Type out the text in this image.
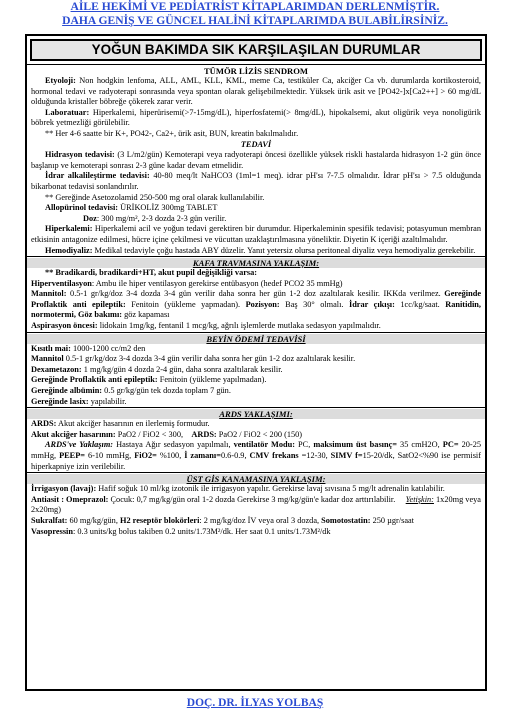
AİLE HEKİMİ VE PEDİATRİST KİTAPLARIMDAN DERLENMİŞTİR.
DAHA GENİŞ VE GÜNCEL HALİNİ KİTAPLARIMDA BULABİLİRSİNİZ.
YOĞUN BAKIMDA SIK KARŞILAŞILAN DURUMLAR
TÜMÖR LİZİS SENDROM

Etyoloji: Non hodgkin lenfoma, ALL, AML, KLL, KML, meme Ca, testiküler Ca, akciğer Ca vb. durumlarda kortikosteroid, hormonal tedavi ve radyoterapi sonrasında veya spontan olarak gelişebilmektedir. Yüksek ürik asit ve [PO42-]x[Ca2++] > 60 mg/dL olduğunda kristaller böbreğe çökerek zarar verir.

Laboratuar: Hiperkalemi, hiperürisemi(>7-15mg/dL), hiperfosfatemi(> 8mg/dL), hipokalsemi, akut oligürik veya nonoligürik böbrek yetmezliği görülebilir.

** Her 4-6 saatte bir K+, PO42-, Ca2+, ürik asit, BUN, kreatin bakılmalıdır.

TEDAVİ

Hidrasyon tedavisi: (3 L/m2/gün) Kemoterapi veya radyoterapi öncesi özellikle yüksek riskli hastalarda hidrasyon 1-2 gün önce başlanıp ve kemoterapi sonrası 2-3 güne kadar devam etmelidir.

İdrar alkalileştirme tedavisi: 40-80 meq/lt NaHCO3 (1ml=1 meq). idrar pH'sı 7-7.5 olmalıdır. İdrar pH'sı > 7.5 olduğunda bikarbonat tedavisi sonlandırılır.

** Gereğinde Asetozolamid 250-500 mg oral olarak kullanılabilir.

Allopürinol tedavisi: ÜRİKOLİZ 300mg TABLET

Doz: 300 mg/m², 2-3 dozda 2-3 gün verilir.

Hiperkalemi: Hiperkalemi acil ve yoğun tedavi gerektiren bir durumdur. Hiperkaleminin spesifik tedavisi; potasyumun membran etkisinin antagonize edilmesi, hücre içine çekilmesi ve vücuttan uzaklaştırılmasına yöneliktir. Diyetin K içeriği azaltılmalıdır.

Hemodiyaliz: Medikal tedaviyle çoğu hastada ABY düzelir. Yanıt yetersiz olursa peritoneal diyaliz veya hemodiyaliz gerekebilir.

KAFA TRAVMASINA YAKLAŞIM:

** Bradikardi, bradikardi+HT, akut pupil değişikliği varsa:

Hiperventilasyon: Ambu ile hiper ventilasyon gerekirse entübasyon (hedef PCO2 35 mmHg)

Mannitol: 0.5-1 gr/kg/doz 3-4 dozda 3-4 gün verilir daha sonra her gün 1-2 doz azaltılarak kesilir. IKKda verilmez. Gereğinde Proflaktik anti epileptik: Fenitoin (yükleme yapmadan). Pozisyon: Baş 30° olmalı. İdrar çıkışı: 1cc/kg/saat. Ranitidin, normotermi, Göz bakımı: göz kapaması

Aspirasyon öncesi: lidokain 1mg/kg, fentanil 1 mcg/kg, ağrılı işlemlerde mutlaka sedasyon yapılmalıdır.

BEYİN ÖDEMİ TEDAVİSİ

Kısıtlı mai: 1000-1200 cc/m2 den

Mannitol 0.5-1 gr/kg/doz 3-4 dozda 3-4 gün verilir daha sonra her gün 1-2 doz azaltılarak kesilir.

Dexametazon: 1 mg/kg/gün 4 dozda 2-4 gün, daha sonra azaltılarak kesilir.

Gereğinde Proflaktik anti epileptik: Fenitoin (yükleme yapılmadan).

Gereğinde albümin: 0.5 gr/kg/gün tek dozda toplam 7 gün.

Gereğinde lasix: yapılabilir.

ARDS YAKLAŞIMI:

ARDS: Akut akciğer hasarının en ilerlemiş formudur.

Akut akciğer hasarının: PaO2 / FiO2 < 300, ARDS: PaO2 / FiO2 < 200 (150)

ARDS've Yaklaşım: Hastaya Ağır sedasyon yapılmalı, ventilatör Modu: PC, maksimum üst basınç= 35 cmH2O, PC= 20-25 mmHg, PEEP= 6-10 mmHg, FiO2= %100, İ zamanı=0.6-0.9, CMV frekans =12-30, SIMV f=15-20/dk, SatO2<%90 ise permisif hiperkapniye izin verilebilir.

ÜST GİS KANAMASINA YAKLAŞIM:

İrrigasyon (lavaj): Hafif soğuk 10 ml/kg izotonik ile irrigasyon yapılır. Gerekirse lavaj sıvısına 5 mg/lt adrenalin katılabilir.

Antiasit : Omeprazol: Çocuk: 0,7 mg/kg/gün oral 1-2 dozda Gerekirse 3 mg/kg/gün'e kadar doz arttırılabilir.     Yetişkin: 1x20mg veya 2x20mg)

Sukralfat: 60 mg/kg/gün, H2 reseptör blokörleri: 2 mg/kg/doz İV veya oral 3 dozda, Somotostatin: 250 µgr/saat

Vasopressin: 0.3 units/kg bolus takiben 0.2 units/1.73M²/dk. Her saat 0.1 units/1.73M²/dk

DOÇ. DR. İLYAS YOLBAŞ
